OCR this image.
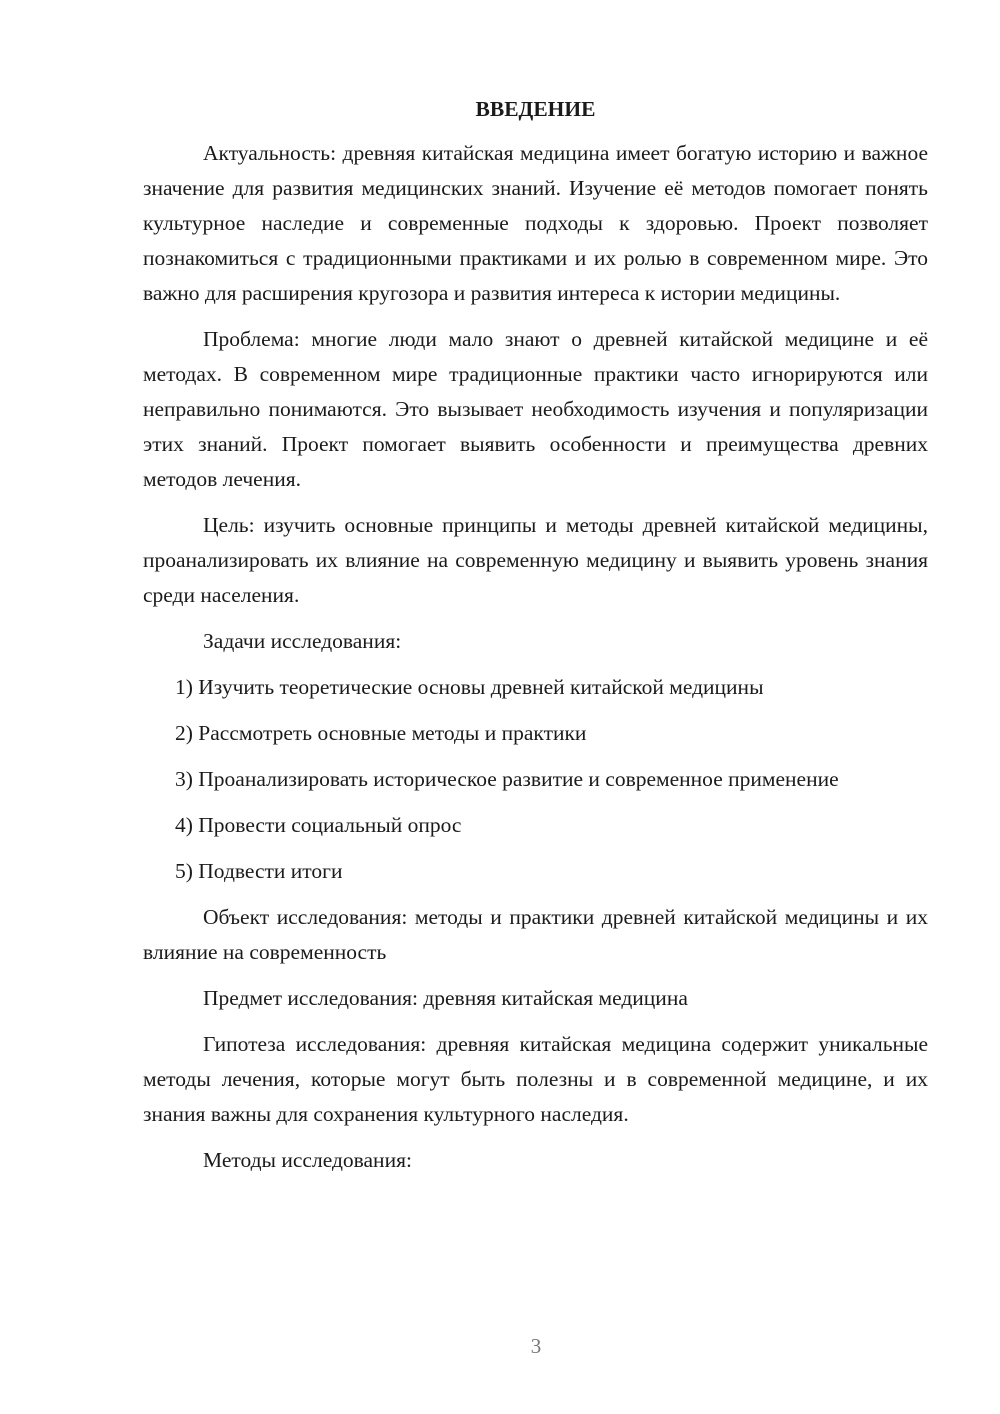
ВВЕДЕНИЕ

Актуальность: древняя китайская медицина имеет богатую историю и важное значение для развития медицинских знаний. Изучение её методов помогает понять культурное наследие и современные подходы к здоровью. Проект позволяет познакомиться с традиционными практиками и их ролью в современном мире. Это важно для расширения кругозора и развития интереса к истории медицины.

Проблема: многие люди мало знают о древней китайской медицине и её методах. В современном мире традиционные практики часто игнорируются или неправильно понимаются. Это вызывает необходимость изучения и популяризации этих знаний. Проект помогает выявить особенности и преимущества древних методов лечения.

Цель: изучить основные принципы и методы древней китайской медицины, проанализировать их влияние на современную медицину и выявить уровень знания среди населения.

Задачи исследования:

1) Изучить теоретические основы древней китайской медицины

2) Рассмотреть основные методы и практики

3) Проанализировать историческое развитие и современное применение

4) Провести социальный опрос

5) Подвести итоги

Объект исследования: методы и практики древней китайской медицины и их влияние на современность

Предмет исследования: древняя китайская медицина

Гипотеза исследования: древняя китайская медицина содержит уникальные методы лечения, которые могут быть полезны и в современной медицине, и их знания важны для сохранения культурного наследия.

Методы исследования:

3
